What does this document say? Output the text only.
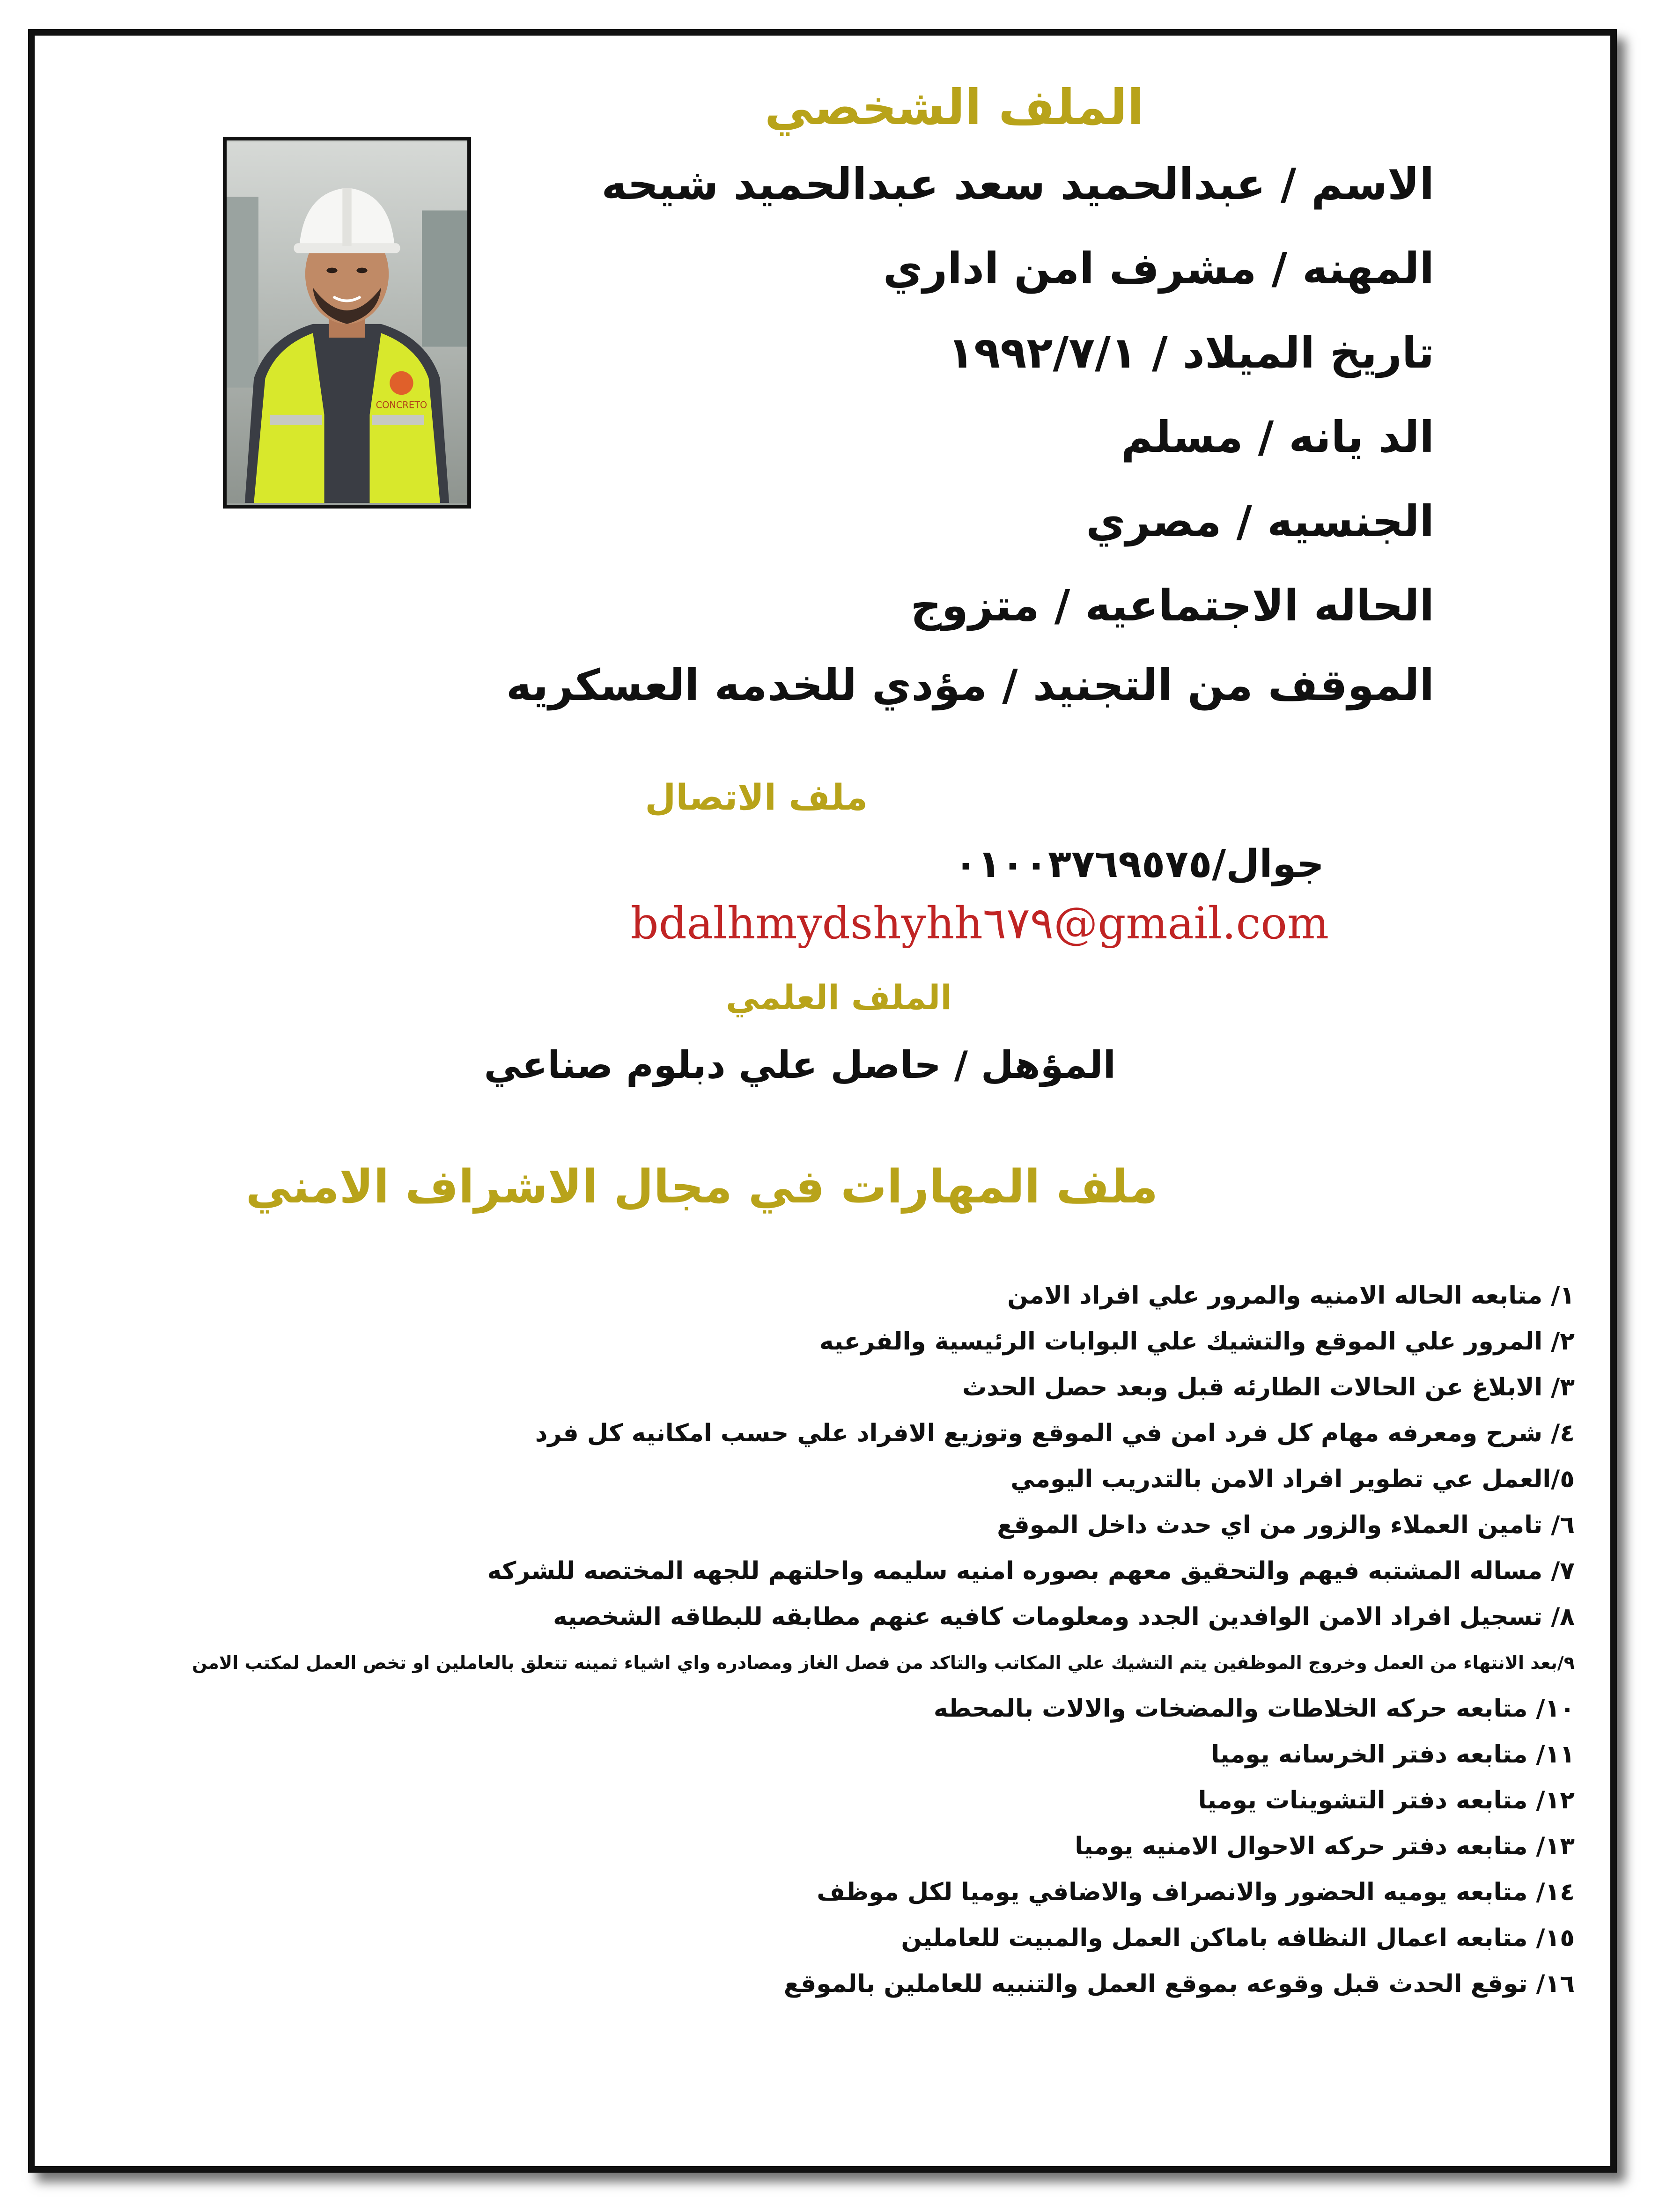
CONCRETO
الملف الشخصي
الاسم / عبدالحميد سعد عبدالحميد شيحه
المهنه / مشرف امن اداري
تاريخ الميلاد / ١٩٩٢/٧/١
الد يانه / مسلم
الجنسيه / مصري
الحاله الاجتماعيه / متزوج
الموقف من التجنيد / مؤدي للخدمه العسكريه
ملف الاتصال
جوال/٠١٠٠٣٧٦٩٥٧٥
bdalhmydshyhh٦٧٩@gmail.com
الملف العلمي
المؤهل / حاصل علي دبلوم صناعي
ملف المهارات في مجال الاشراف الامني
١/ متابعه الحاله الامنيه والمرور علي افراد الامن
٢/ المرور علي الموقع والتشيك علي البوابات الرئيسية والفرعيه
٣/ الابلاغ عن الحالات الطارئه قبل وبعد حصل الحدث
٤/ شرح ومعرفه مهام كل فرد امن في الموقع وتوزيع الافراد علي حسب امكانيه كل فرد
٥/العمل عي تطوير افراد الامن بالتدريب اليومي
٦/ تامين العملاء والزور من اي حدث داخل الموقع
٧/ مساله المشتبه فيهم والتحقيق معهم بصوره امنيه سليمه واحلتهم للجهه المختصه للشركه
٨/ تسجيل افراد الامن الوافدين الجدد ومعلومات كافيه عنهم مطابقه للبطاقه الشخصيه
٩/بعد الانتهاء من العمل وخروج الموظفين يتم التشيك علي المكاتب والتاكد من فصل الغاز ومصادره واي اشياء ثمينه تتعلق بالعاملين او تخص العمل لمكتب الامن
١٠/ متابعه حركه الخلاطات والمضخات والالات بالمحطه
١١/ متابعه دفتر الخرسانه يوميا
١٢/ متابعه دفتر التشوينات يوميا
١٣/ متابعه دفتر حركه الاحوال الامنيه يوميا
١٤/ متابعه يوميه الحضور والانصراف والاضافي يوميا لكل موظف
١٥/ متابعه اعمال النظافه باماكن العمل والمبيت للعاملين
١٦/ توقع الحدث قبل وقوعه بموقع العمل والتنبيه للعاملين بالموقع
